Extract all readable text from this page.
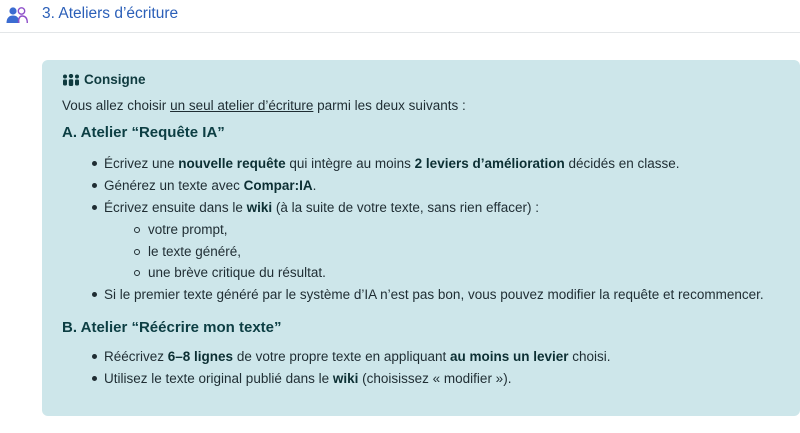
3. Ateliers d’écriture
Consigne
Vous allez choisir un seul atelier d’écriture parmi les deux suivants :
A. Atelier “Requête IA”
Écrivez une nouvelle requête qui intègre au moins 2 leviers d’amélioration décidés en classe.
Générez un texte avec Compar:IA.
Écrivez ensuite dans le wiki (à la suite de votre texte, sans rien effacer) :
votre prompt,
le texte généré,
une brève critique du résultat.
Si le premier texte généré par le système d’IA n’est pas bon, vous pouvez modifier la requête et recommencer.
B. Atelier “Réécrire mon texte”
Réécrivez 6–8 lignes de votre propre texte en appliquant au moins un levier choisi.
Utilisez le texte original publié dans le wiki (choisissez « modifier »).
